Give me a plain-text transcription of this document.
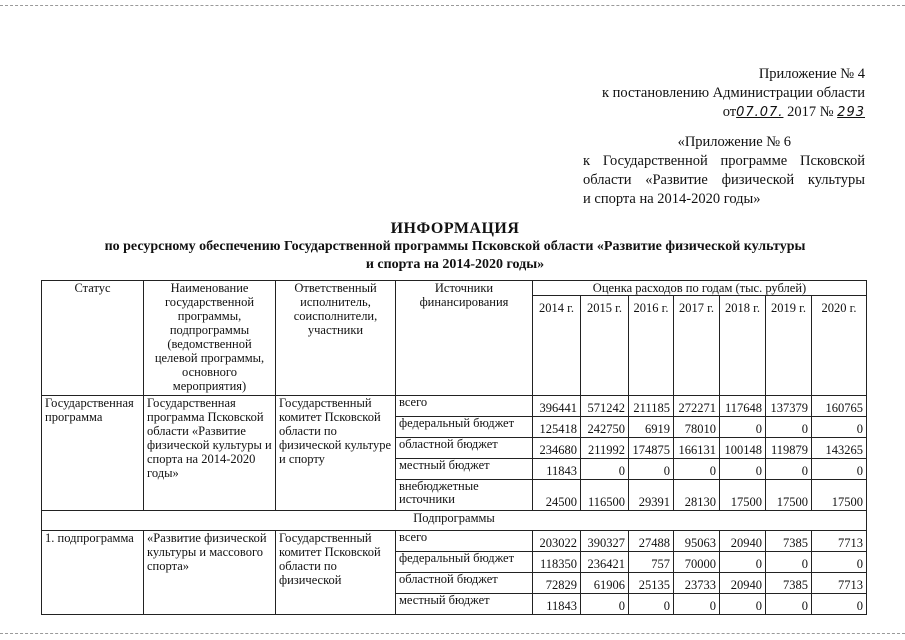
Приложение № 4
к постановлению Администрации области
от07.07. 2017 № 293
«Приложение № 6
к Государственной программе Псковской
области «Развитие физической культуры
и спорта на 2014-2020 годы»
ИНФОРМАЦИЯ
по ресурсному обеспечению Государственной программы Псковской области «Развитие физической культуры
и спорта на 2014-2020 годы»
Статус	Наименование государственной программы, подпрограммы (ведомственной целевой программы, основного мероприятия)	Ответственный исполнитель, соисполнители, участники	Источники финансирования	Оценка расходов по годам (тыс. рублей)						
				2014 г.	2015 г.	2016 г.	2017 г.	2018 г.	2019 г.	2020 г.
Государственная программа	Государственная программа Псковской области «Развитие физической культуры и спорта на 2014-2020 годы»	Государственный комитет Псковской области по физической культуре и спорту	всего	396441	571242	211185	272271	117648	137379	160765
			федеральный бюджет	125418	242750	6919	78010	0	0	0
			областной бюджет	234680	211992	174875	166131	100148	119879	143265
			местный бюджет	11843	0	0	0	0	0	0
			внебюджетные источники	24500	116500	29391	28130	17500	17500	17500
Подпрограммы										
1. подпрограмма	«Развитие физической культуры и массового спорта»	Государственный комитет Псковской области по физической	всего	203022	390327	27488	95063	20940	7385	7713
			федеральный бюджет	118350	236421	757	70000	0	0	0
			областной бюджет	72829	61906	25135	23733	20940	7385	7713
			местный бюджет	11843	0	0	0	0	0	0
